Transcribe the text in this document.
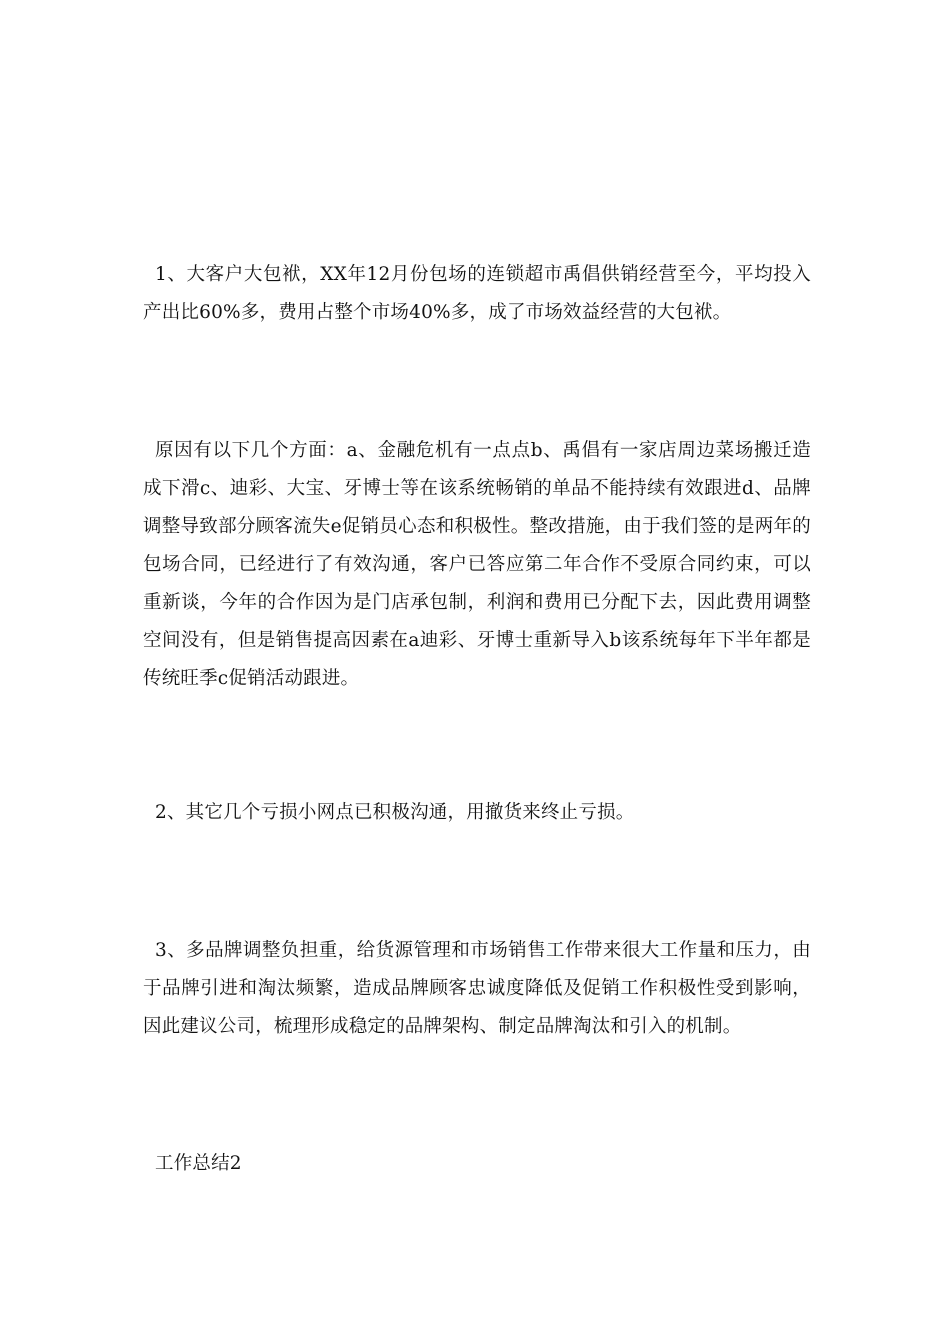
1、大客户大包袱，XX年12月份包场的连锁超市禹倡供销经营至今，平均投入产出比60%多，费用占整个市场40%多，成了市场效益经营的大包袱。

原因有以下几个方面：a、金融危机有一点点b、禹倡有一家店周边菜场搬迁造成下滑c、迪彩、大宝、牙博士等在该系统畅销的单品不能持续有效跟进d、品牌调整导致部分顾客流失e促销员心态和积极性。整改措施，由于我们签的是两年的包场合同，已经进行了有效沟通，客户已答应第二年合作不受原合同约束，可以重新谈，今年的合作因为是门店承包制，利润和费用已分配下去，因此费用调整空间没有，但是销售提高因素在a迪彩、牙博士重新导入b该系统每年下半年都是传统旺季c促销活动跟进。

2、其它几个亏损小网点已积极沟通，用撤货来终止亏损。

3、多品牌调整负担重，给货源管理和市场销售工作带来很大工作量和压力，由于品牌引进和淘汰频繁，造成品牌顾客忠诚度降低及促销工作积极性受到影响，因此建议公司，梳理形成稳定的品牌架构、制定品牌淘汰和引入的机制。

工作总结2
